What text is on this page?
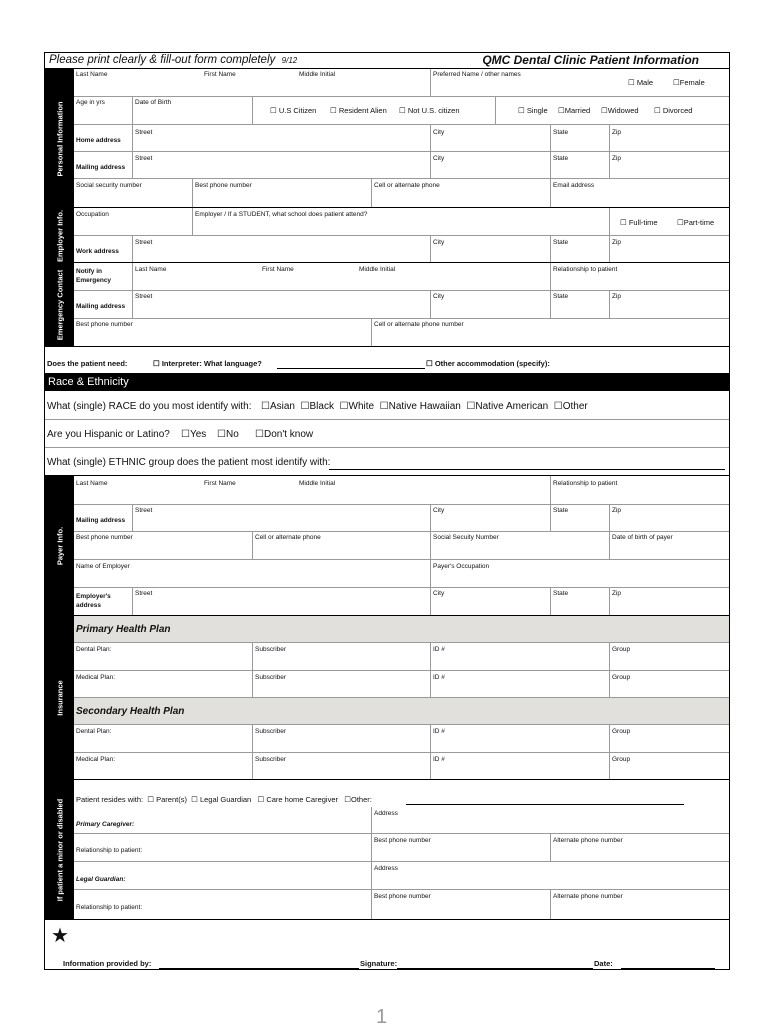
Please print clearly & fill-out form completely 9/12	QMC Dental Clinic Patient Information
Personal Information
Last Name	First Name	Middle Initial	Preferred Name / other names
☐ Male	☐Female
Age in yrs	Date of Birth
☐ U.S Citizen ☐ Resident Alien ☐ Not U.S. citizen	☐ Single ☐Married ☐Widowed ☐ Divorced
Home address
Street	City	State	Zip
Mailing address
Street	City	State	Zip
Social security number	Best phone number	Cell or alternate phone	Email address
Employer Info. Occupation	Employer / If a STUDENT, what school does patient attend?
☐ Full-time	☐Part-time
Work address
Street	City	State	Zip
Emergency Contact Notify in Emergency
Last Name	First Name	Middle Initial	Relationship to patient
Mailing address
Street	City	State	Zip
Best phone number	Cell or alternate phone number
Does the patient need:	☐ Interpreter: What language?	☐ Other accommodation (specify):
Race & Ethnicity
What (single) RACE do you most identify with: ☐Asian ☐Black ☐White ☐Native Hawaiian ☐Native American ☐Other
Are you Hispanic or Latino? ☐Yes ☐No ☐Don't know
What (single) ETHNIC group does the patient most identify with:
Payer Info.
Last Name	First Name	Middle Initial	Relationship to patient
Mailing address
Street	City	State	Zip
Best phone number	Cell or alternate phone	Social Secuity Number	Date of birth of payer
Name of Employer	Payer's Occupation
Employer's address
Street	City	State	Zip
Insurance
Primary Health Plan
Dental Plan:	Subscriber	ID #	Group
Medical Plan:	Subscriber	ID #	Group
Secondary Health Plan
Dental Plan:	Subscriber	ID #	Group
Medical Plan:	Subscriber	ID #	Group
If patient a minor or disabled Patient resides with: ☐ Parent(s) ☐ Legal Guardian ☐ Care home Caregiver ☐Other:
Primary Caregiver:
Address
Relationship to patient:
Best phone number	Alternate phone number
Legal Guardian:
Address
Relationship to patient:
Best phone number	Alternate phone number
★
Information provided by:	Signature:	Date:
1
